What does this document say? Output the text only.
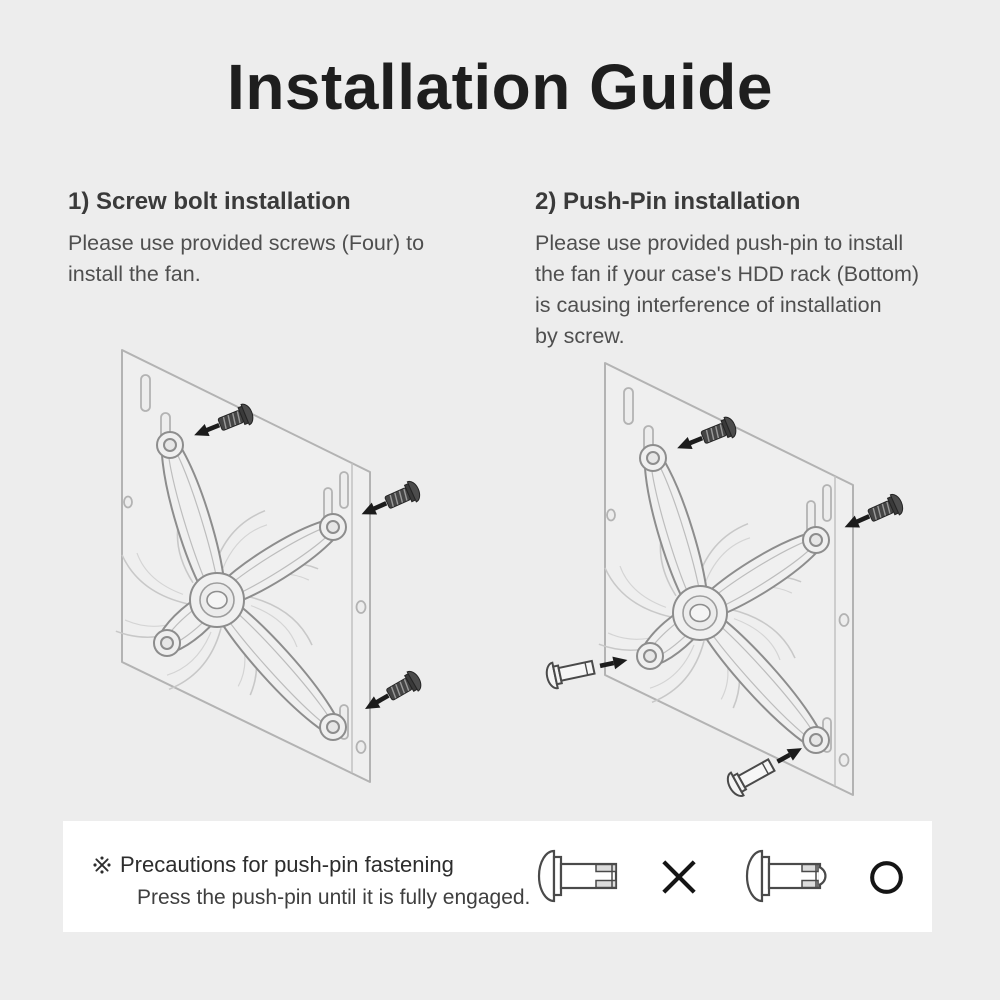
Installation Guide
1) Screw bolt installation

Please use provided screws (Four) to
install the fan.

2) Push-Pin installation

Please use provided push-pin to install
the fan if your case's HDD rack (Bottom)
is causing interference of installation
by screw.

Precautions for push-pin fastening
Press the push-pin until it is fully engaged.
